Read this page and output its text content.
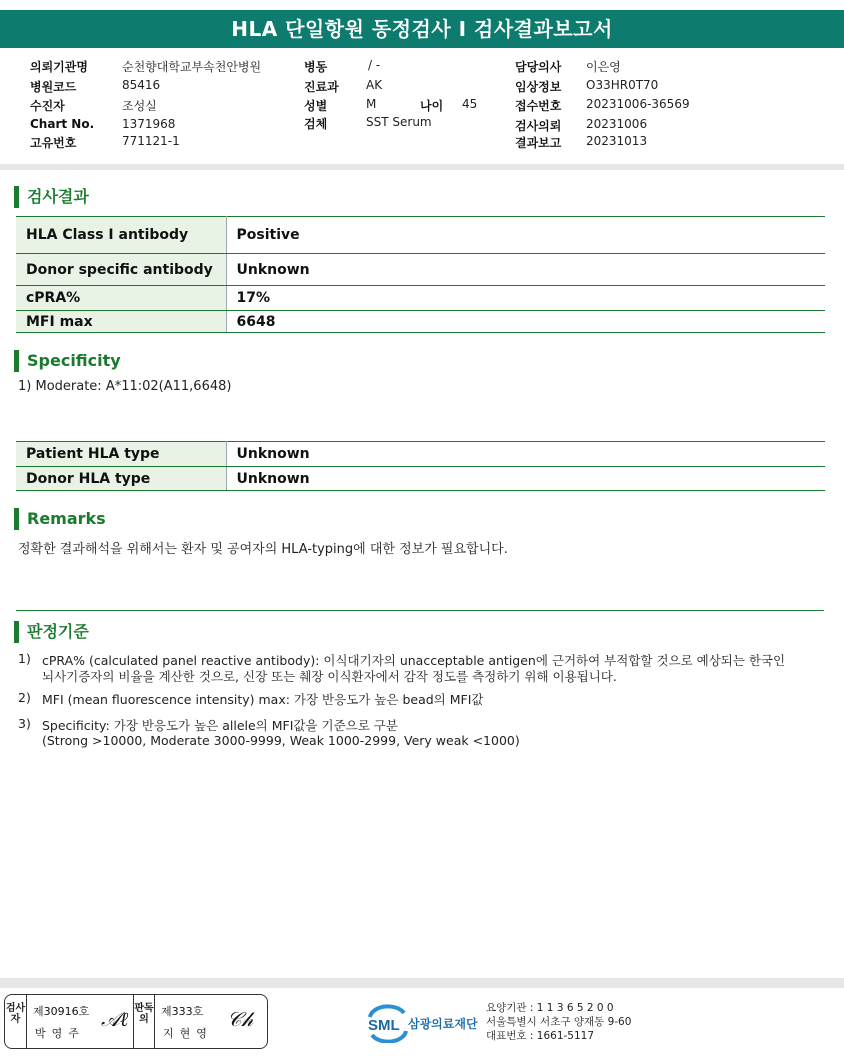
HLA 단일항원 동정검사 I 검사결과보고서
의뢰기관명	순천향대학교부속천안병원
병원코드	85416
수진자	조성실
Chart No. 1371968
고유번호	771121-1
병동	/ -
진료과 AK
성별	M	나이 45
검체	SST Serum
담당의사 이은영
임상정보 O33HR0T70
접수번호 20231006-36569
검사의뢰 20231006
결과보고 20231013
검사결과
HLA Class I antibody	Positive
Donor specific antibody	Unknown
cPRA%	17%
MFI max	6648
Specificity
1) Moderate: A*11:02(A11,6648)
Patient HLA type	Unknown
Donor HLA type	Unknown
Remarks
정확한 결과해석을 위해서는 환자 및 공여자의 HLA-typing에 대한 정보가 필요합니다.
판정기준
1) cPRA% (calculated panel reactive antibody): 이식대기자의 unacceptable antigen에 근거하여 부적합할 것으로 예상되는 한국인
뇌사기증자의 비율을 계산한 것으로, 신장 또는 췌장 이식환자에서 감작 정도를 측정하기 위해 이용됩니다.
2) MFI (mean fluorescence intensity) max: 가장 반응도가 높은 bead의 MFI값
3) Specificity: 가장 반응도가 높은 allele의 MFI값을 기준으로 구분
(Strong >10000, Moderate 3000-9999, Weak 1000-2999, Very weak <1000)
검사자
제30916호
박영주
𝒜ℓ 판독의
제333호
지현영
𝒞𝒽	SML 삼광의료재단
요양기관 : 1 1 3 6 5 2 0 0
서울특별시 서초구 양재동 9-60
대표번호 : 1661-5117
